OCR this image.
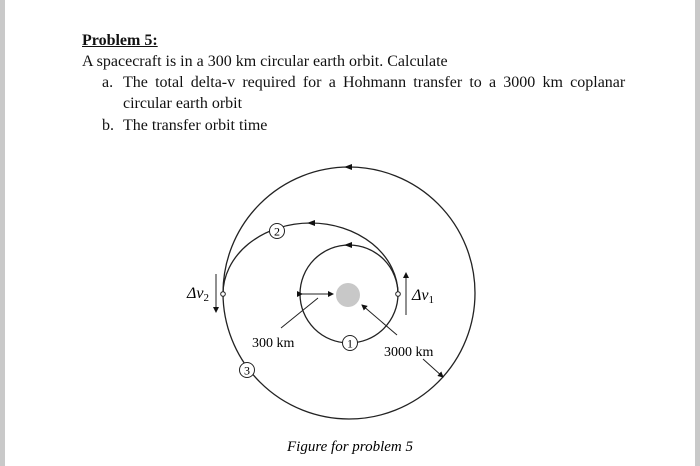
Problem 5:
A spacecraft is in a 300 km circular earth orbit. Calculate
a. The total delta-v required for a Hohmann transfer to a 3000 km coplanar
circular earth orbit
b. The transfer orbit time
Δv2	Δv1
300 km
3000 km
2
1
3
Figure for problem 5
